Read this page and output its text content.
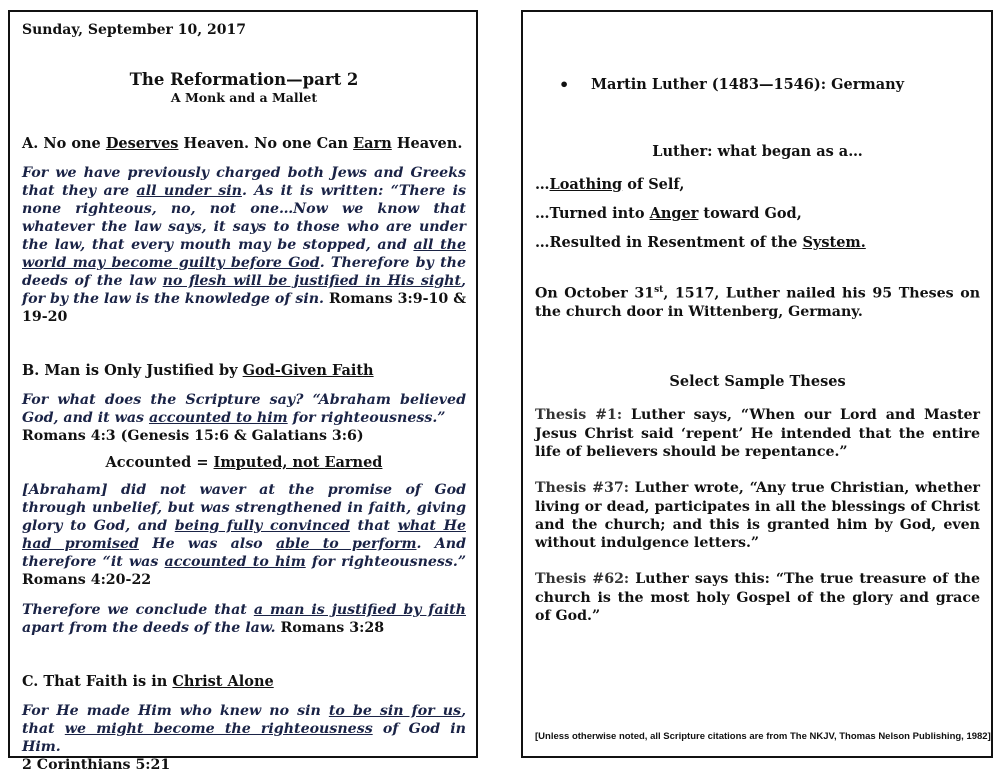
Sunday, September 10, 2017
The Reformation—part 2
A Monk and a Mallet
A. No one Deserves Heaven. No one Can Earn Heaven.
For we have previously charged both Jews and Greeks that they are all under sin. As it is written: “There is none righteous, no, not one…Now we know that whatever the law says, it says to those who are under the law, that every mouth may be stopped, and all the world may become guilty before God. Therefore by the deeds of the law no flesh will be justified in His sight, for by the law is the knowledge of sin. Romans 3:9-10 & 19-20
B. Man is Only Justified by God-Given Faith
For what does the Scripture say? “Abraham believed God, and it was accounted to him for righteousness.”
Romans 4:3 (Genesis 15:6 & Galatians 3:6)
Accounted = Imputed, not Earned
[Abraham] did not waver at the promise of God through unbelief, but was strengthened in faith, giving glory to God, and being fully convinced that what He had promised He was also able to perform. And therefore “it was accounted to him for righteousness.” Romans 4:20-22
Therefore we conclude that a man is justified by faith apart from the deeds of the law. Romans 3:28
C. That Faith is in Christ Alone
For He made Him who knew no sin to be sin for us, that we might become the righteousness of God in Him.
2 Corinthians 5:21
• Martin Luther (1483—1546): Germany
Luther: what began as a…
…Loathing of Self,
…Turned into Anger toward God,
…Resulted in Resentment of the System.
On October 31st, 1517, Luther nailed his 95 Theses on the church door in Wittenberg, Germany.
Select Sample Theses
Thesis #1: Luther says, “When our Lord and Master Jesus Christ said ‘repent’ He intended that the entire life of believers should be repentance.”
Thesis #37: Luther wrote, “Any true Christian, whether living or dead, participates in all the blessings of Christ and the church; and this is granted him by God, even without indulgence letters.”
Thesis #62: Luther says this: “The true treasure of the church is the most holy Gospel of the glory and grace of God.”
[Unless otherwise noted, all Scripture citations are from The NKJV, Thomas Nelson Publishing, 1982]
